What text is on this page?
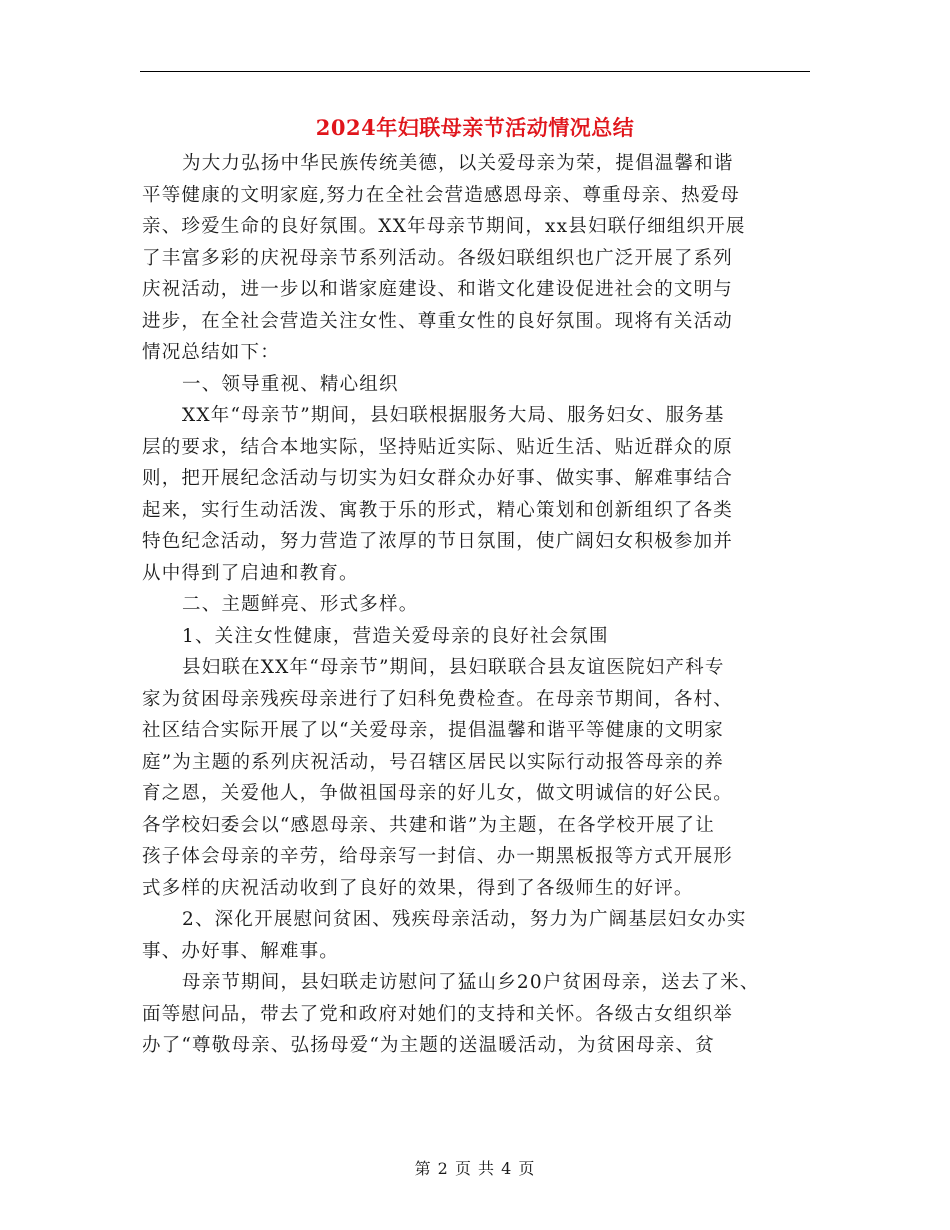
2024年妇联母亲节活动情况总结
为大力弘扬中华民族传统美德，以关爱母亲为荣，提倡温馨和谐
平等健康的文明家庭,努力在全社会营造感恩母亲、尊重母亲、热爱母
亲、珍爱生命的良好氛围。XX年母亲节期间，xx县妇联仔细组织开展
了丰富多彩的庆祝母亲节系列活动。各级妇联组织也广泛开展了系列
庆祝活动，进一步以和谐家庭建设、和谐文化建设促进社会的文明与
进步，在全社会营造关注女性、尊重女性的良好氛围。现将有关活动
情况总结如下：
一、领导重视、精心组织
XX年“母亲节”期间，县妇联根据服务大局、服务妇女、服务基
层的要求，结合本地实际，坚持贴近实际、贴近生活、贴近群众的原
则，把开展纪念活动与切实为妇女群众办好事、做实事、解难事结合
起来，实行生动活泼、寓教于乐的形式，精心策划和创新组织了各类
特色纪念活动，努力营造了浓厚的节日氛围，使广阔妇女积极参加并
从中得到了启迪和教育。
二、主题鲜亮、形式多样。
1、关注女性健康，营造关爱母亲的良好社会氛围
县妇联在XX年“母亲节”期间，县妇联联合县友谊医院妇产科专
家为贫困母亲残疾母亲进行了妇科免费检查。在母亲节期间，各村、
社区结合实际开展了以“关爱母亲，提倡温馨和谐平等健康的文明家
庭”为主题的系列庆祝活动，号召辖区居民以实际行动报答母亲的养
育之恩，关爱他人，争做祖国母亲的好儿女，做文明诚信的好公民。
各学校妇委会以“感恩母亲、共建和谐”为主题，在各学校开展了让
孩子体会母亲的辛劳，给母亲写一封信、办一期黑板报等方式开展形
式多样的庆祝活动收到了良好的效果，得到了各级师生的好评。
2、深化开展慰问贫困、残疾母亲活动，努力为广阔基层妇女办实
事、办好事、解难事。
母亲节期间，县妇联走访慰问了猛山乡20户贫困母亲，送去了米、
面等慰问品，带去了党和政府对她们的支持和关怀。各级古女组织举
办了“尊敬母亲、弘扬母爱“为主题的送温暖活动，为贫困母亲、贫
第 2 页 共 4 页
